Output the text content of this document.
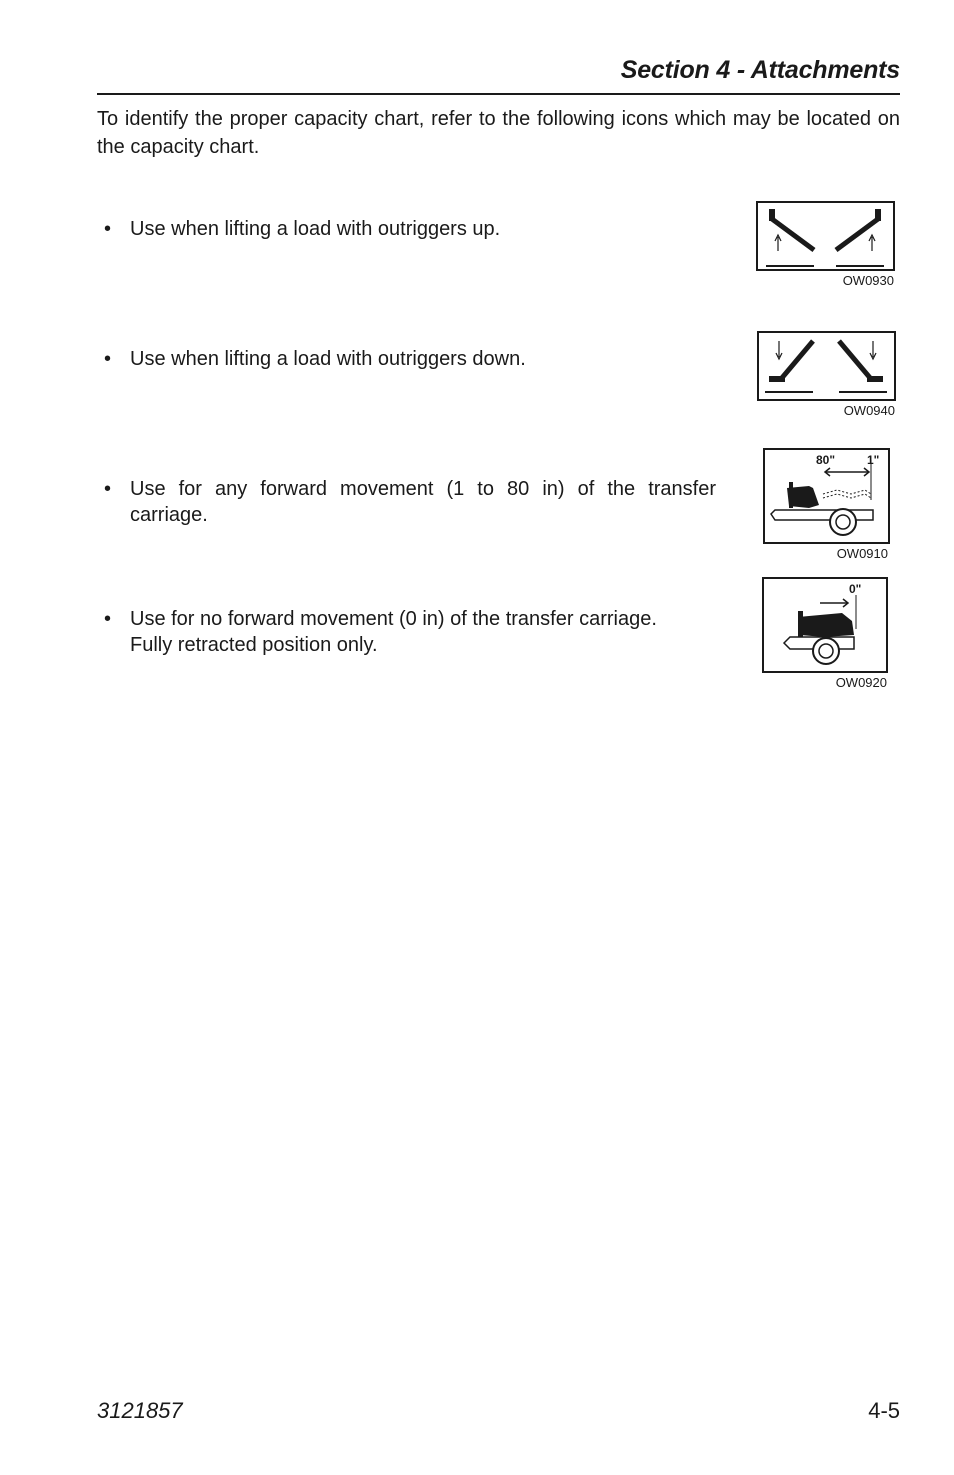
Section 4 - Attachments
To identify the proper capacity chart, refer to the following icons which may be located on the capacity chart.
• Use when lifting a load with outriggers up.
OW0930
• Use when lifting a load with outriggers down.
OW0940
• Use for any forward movement (1 to 80 in) of the transfer carriage.
80"	1"
OW0910
• Use for no forward movement (0 in) of the transfer carriage.
Fully retracted position only.
0"
OW0920
3121857	4-5
